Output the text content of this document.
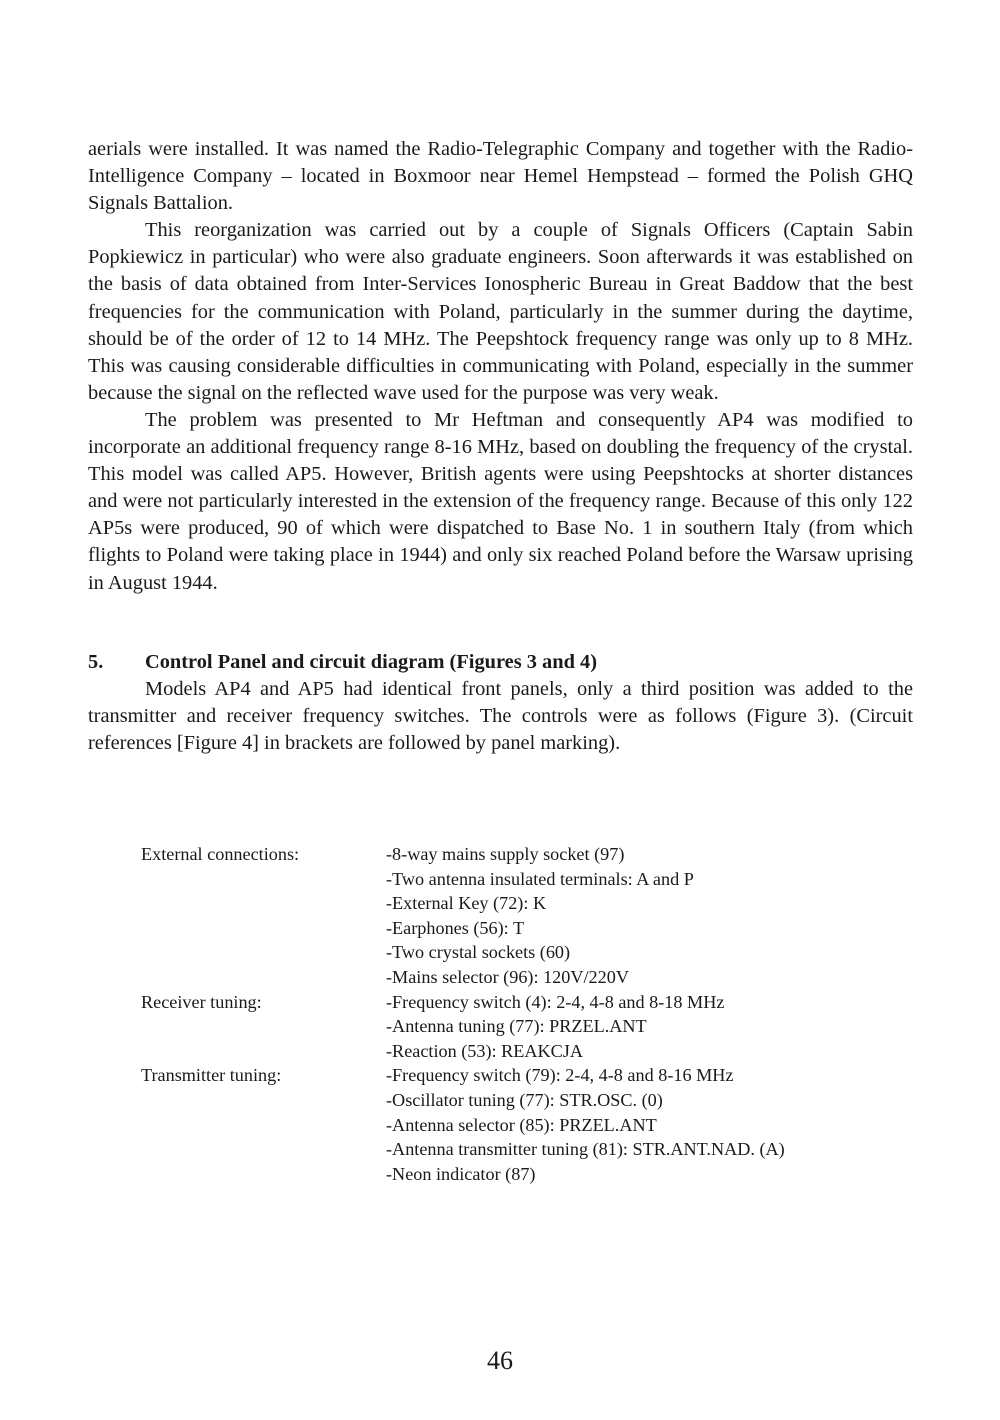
aerials were installed. It was named the Radio-Telegraphic Company and together with the Radio-Intelligence Company – located in Boxmoor near Hemel Hempstead – formed the Polish GHQ Signals Battalion.

This reorganization was carried out by a couple of Signals Officers (Captain Sabin Popkiewicz in particular) who were also graduate engineers. Soon afterwards it was established on the basis of data obtained from Inter-Services Ionospheric Bureau in Great Baddow that the best frequencies for the communication with Poland, particularly in the summer during the daytime, should be of the order of 12 to 14 MHz. The Peepshtock frequency range was only up to 8 MHz. This was causing considerable difficulties in communicating with Poland, especially in the summer because the signal on the reflected wave used for the purpose was very weak.

The problem was presented to Mr Heftman and consequently AP4 was modified to incorporate an additional frequency range 8-16 MHz, based on doubling the frequency of the crystal. This model was called AP5. However, British agents were using Peepshtocks at shorter distances and were not particularly interested in the extension of the frequency range. Because of this only 122 AP5s were produced, 90 of which were dispatched to Base No. 1 in southern Italy (from which flights to Poland were taking place in 1944) and only six reached Poland before the Warsaw uprising in August 1944.

5.	Control Panel and circuit diagram (Figures 3 and 4)

Models AP4 and AP5 had identical front panels, only a third position was added to the transmitter and receiver frequency switches. The controls were as follows (Figure 3). (Circuit references [Figure 4] in brackets are followed by panel marking).

External connections:	-8-way mains supply socket (97)
-Two antenna insulated terminals: A and P
-External Key (72): K
-Earphones (56): T
-Two crystal sockets (60)
-Mains selector (96): 120V/220V
Receiver tuning:	-Frequency switch (4): 2-4, 4-8 and 8-18 MHz
-Antenna tuning (77): PRZEL.ANT
-Reaction (53): REAKCJA
Transmitter tuning:	-Frequency switch (79): 2-4, 4-8 and 8-16 MHz
-Oscillator tuning (77): STR.OSC. (0)
-Antenna selector (85): PRZEL.ANT
-Antenna transmitter tuning (81): STR.ANT.NAD. (A)
-Neon indicator (87)
46
